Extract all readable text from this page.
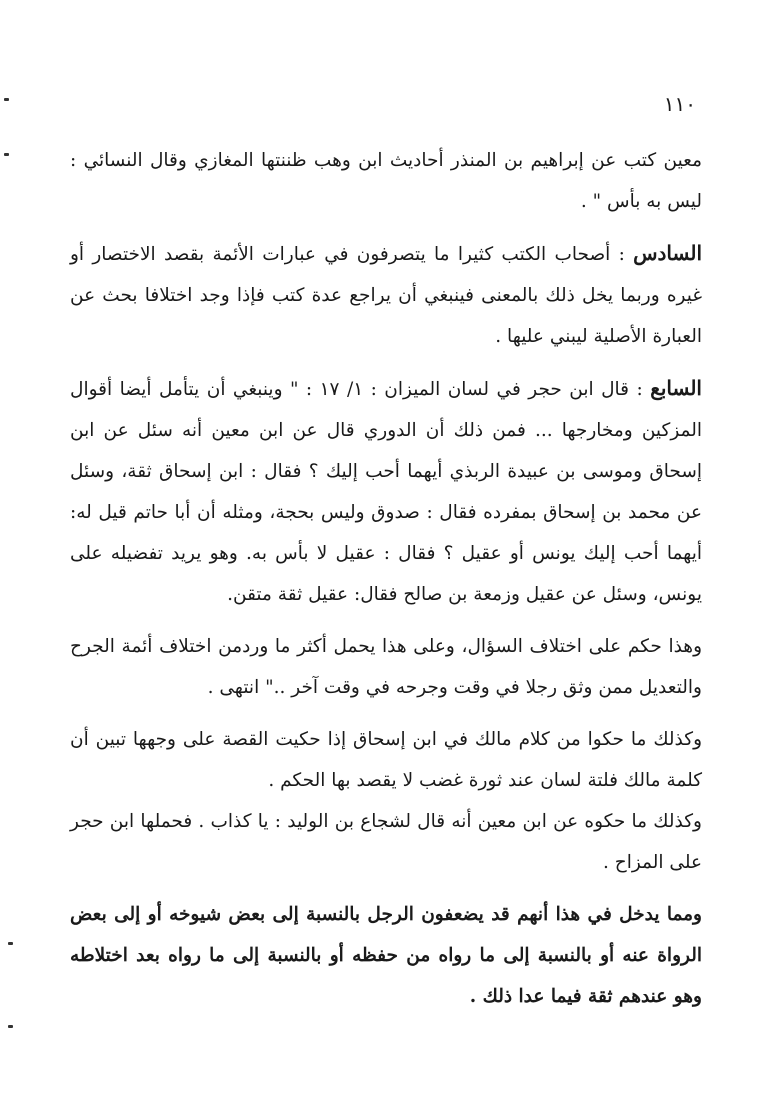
١١٠

معين كتب عن إبراهيم بن المنذر أحاديث ابن وهب ظننتها المغازي وقال النسائي : ليس به بأس " .

السادس : أصحاب الكتب كثيرا ما يتصرفون في عبارات الأئمة بقصد الاختصار أو غيره وربما يخل ذلك بالمعنى فينبغي أن يراجع عدة كتب فإذا وجد اختلافا بحث عن العبارة الأصلية ليبني عليها .

السابع : قال ابن حجر في لسان الميزان : ١/ ١٧ : " وينبغي أن يتأمل أيضا أقوال المزكين ومخارجها ... فمن ذلك أن الدوري قال عن ابن معين أنه سئل عن ابن إسحاق وموسى بن عبيدة الربذي أيهما أحب إليك ؟ فقال : ابن إسحاق ثقة، وسئل عن محمد بن إسحاق بمفرده فقال : صدوق وليس بحجة، ومثله أن أبا حاتم قيل له: أيهما أحب إليك يونس أو عقيل ؟ فقال : عقيل لا بأس به. وهو يريد تفضيله على يونس، وسئل عن عقيل وزمعة بن صالح فقال: عقيل ثقة متقن.

وهذا حكم على اختلاف السؤال، وعلى هذا يحمل أكثر ما وردمن اختلاف أئمة الجرح والتعديل ممن وثق رجلا في وقت وجرحه في وقت آخر .." انتهى .

وكذلك ما حكوا من كلام مالك في ابن إسحاق إذا حكيت القصة على وجهها تبين أن كلمة مالك فلتة لسان عند ثورة غضب لا يقصد بها الحكم .

وكذلك ما حكوه عن ابن معين أنه قال لشجاع بن الوليد : يا كذاب . فحملها ابن حجر على المزاح .

ومما يدخل في هذا أنهم قد يضعفون الرجل بالنسبة إلى بعض شيوخه أو إلى بعض الرواة عنه أو بالنسبة إلى ما رواه من حفظه أو بالنسبة إلى ما رواه بعد اختلاطه وهو عندهم ثقة فيما عدا ذلك .
